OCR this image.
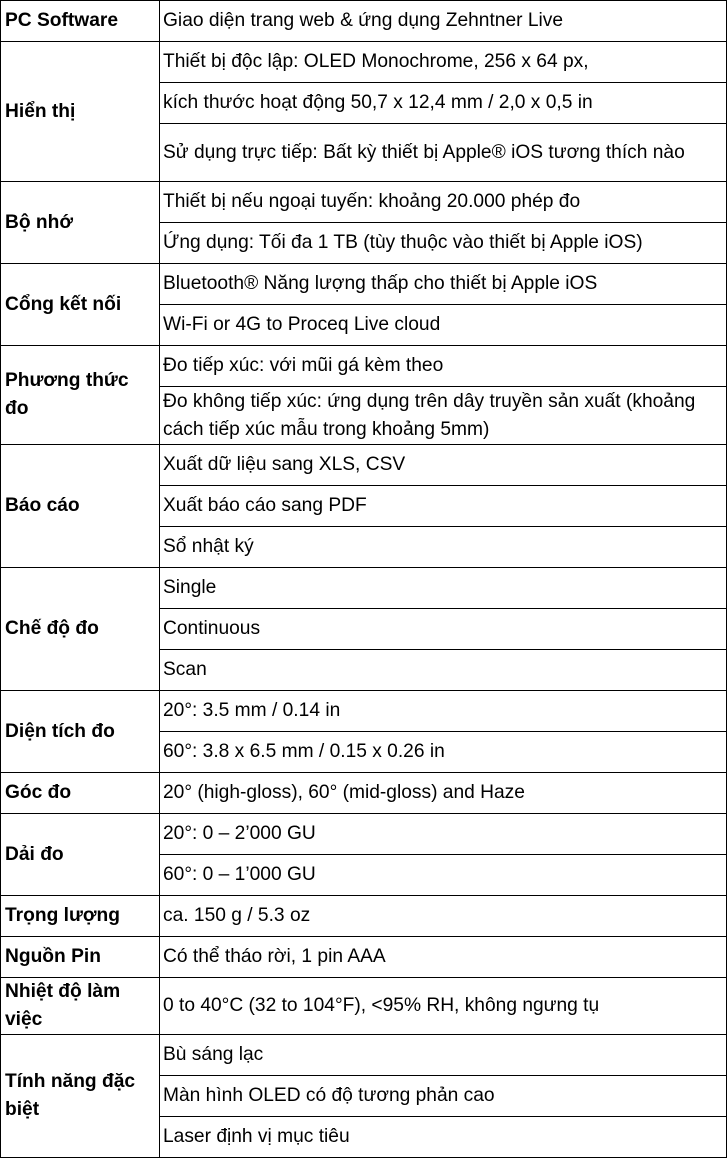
PC Software	Giao diện trang web & ứng dụng Zehntner Live
Hiển thị	Thiết bị độc lập: OLED Monochrome, 256 x 64 px,
	kích thước hoạt động 50,7 x 12,4 mm / 2,0 x 0,5 in
	Sử dụng trực tiếp: Bất kỳ thiết bị Apple® iOS tương thích nào
Bộ nhớ	Thiết bị nếu ngoại tuyến: khoảng 20.000 phép đo
	Ứng dụng: Tối đa 1 TB (tùy thuộc vào thiết bị Apple iOS)
Cổng kết nối	Bluetooth® Năng lượng thấp cho thiết bị Apple iOS
	Wi-Fi or 4G to Proceq Live cloud
Phương thức đo	Đo tiếp xúc: với mũi gá kèm theo
	Đo không tiếp xúc: ứng dụng trên dây truyền sản xuất (khoảng cách tiếp xúc mẫu trong khoảng 5mm)
Báo cáo	Xuất dữ liệu sang XLS, CSV
	Xuất báo cáo sang PDF
	Sổ nhật ký
Chế độ đo	Single
	Continuous
	Scan
Diện tích đo	20°: 3.5 mm / 0.14 in
	60°: 3.8 x 6.5 mm / 0.15 x 0.26 in
Góc đo	20° (high-gloss), 60° (mid-gloss) and Haze
Dải đo	20°: 0 – 2’000 GU
	60°: 0 – 1’000 GU
Trọng lượng	ca. 150 g / 5.3 oz
Nguồn Pin	Có thể tháo rời, 1 pin AAA
Nhiệt độ làm việc	0 to 40°C (32 to 104°F), <95% RH, không ngưng tụ
Tính năng đặc biệt	Bù sáng lạc
	Màn hình OLED có độ tương phản cao
	Laser định vị mục tiêu
